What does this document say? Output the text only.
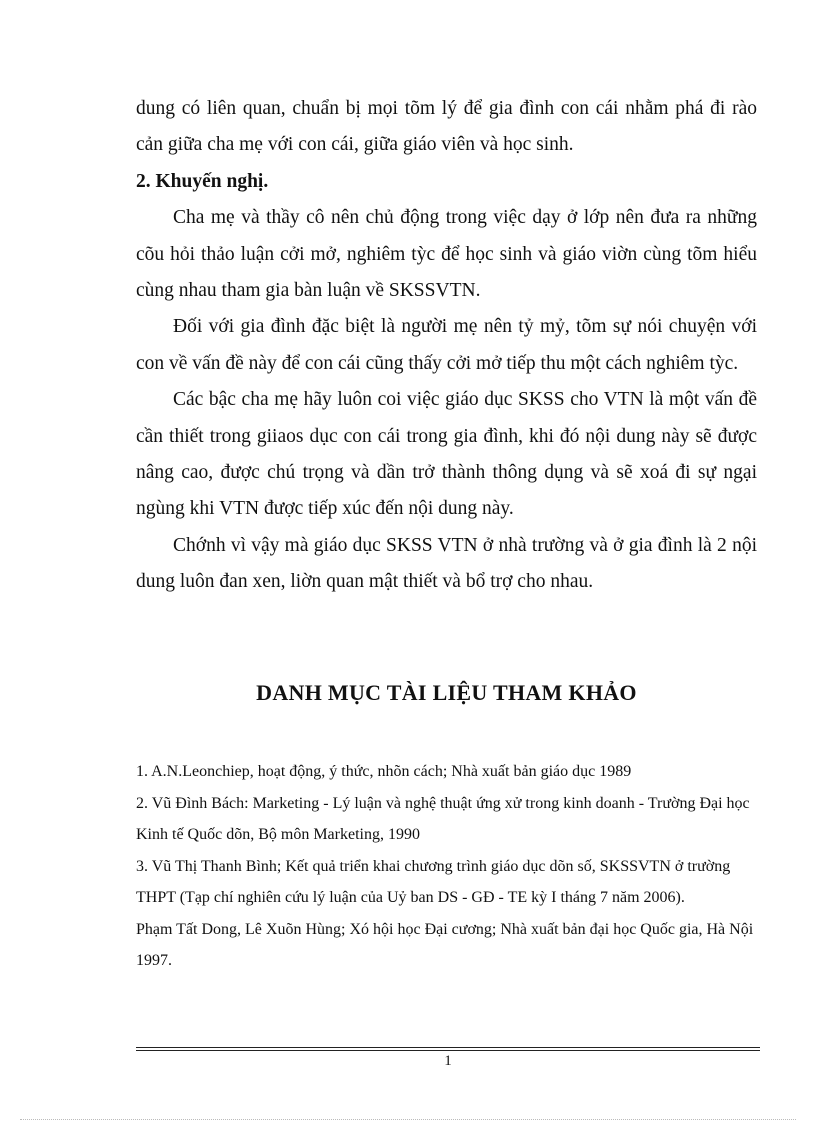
dung có liên quan, chuẩn bị mọi tõm lý để gia đình con cái nhằm phá đi rào cản giữa cha mẹ với con cái, giữa giáo viên và học sinh.

2. Khuyến nghị.

Cha mẹ và thầy cô nên chủ động trong việc dạy ở lớp nên đưa ra những cõu hỏi thảo luận cởi mở, nghiêm tỳc để học sinh và giáo viờn cùng tõm hiểu cùng nhau tham gia bàn luận về SKSSVTN.

Đối với gia đình đặc biệt là người mẹ nên tỷ mỷ, tõm sự nói chuyện với con về vấn đề này để con cái cũng thấy cởi mở tiếp thu một cách nghiêm tỳc.

Các bậc cha mẹ hãy luôn coi việc giáo dục SKSS cho VTN là một vấn đề cần thiết trong giiaos dục con cái trong gia đình, khi đó nội dung này sẽ được nâng cao, được chú trọng và dần trở thành thông dụng và sẽ xoá đi sự ngại ngùng khi VTN được tiếp xúc đến nội dung này.

Chớnh vì vậy mà giáo dục SKSS VTN ở nhà trường và ở gia đình là 2 nội dung luôn đan xen, liờn quan mật thiết và bổ trợ cho nhau.

DANH MỤC TÀI LIỆU THAM KHẢO

1. A.N.Leonchiep, hoạt động, ý thức, nhõn cách; Nhà xuất bản giáo dục 1989

2. Vũ Đình Bách: Marketing - Lý luận và nghệ thuật ứng xử trong kinh doanh - Trường Đại học Kinh tế Quốc dõn, Bộ môn Marketing, 1990

3. Vũ Thị Thanh Bình; Kết quả triển khai chương trình giáo dục dõn số, SKSSVTN ở trường THPT (Tạp chí nghiên cứu lý luận của Uỷ ban DS - GĐ - TE kỳ I tháng 7 năm 2006).

Phạm Tất Dong, Lê Xuõn Hùng; Xó hội học Đại cương; Nhà xuất bản đại học Quốc gia, Hà Nội 1997.

1
